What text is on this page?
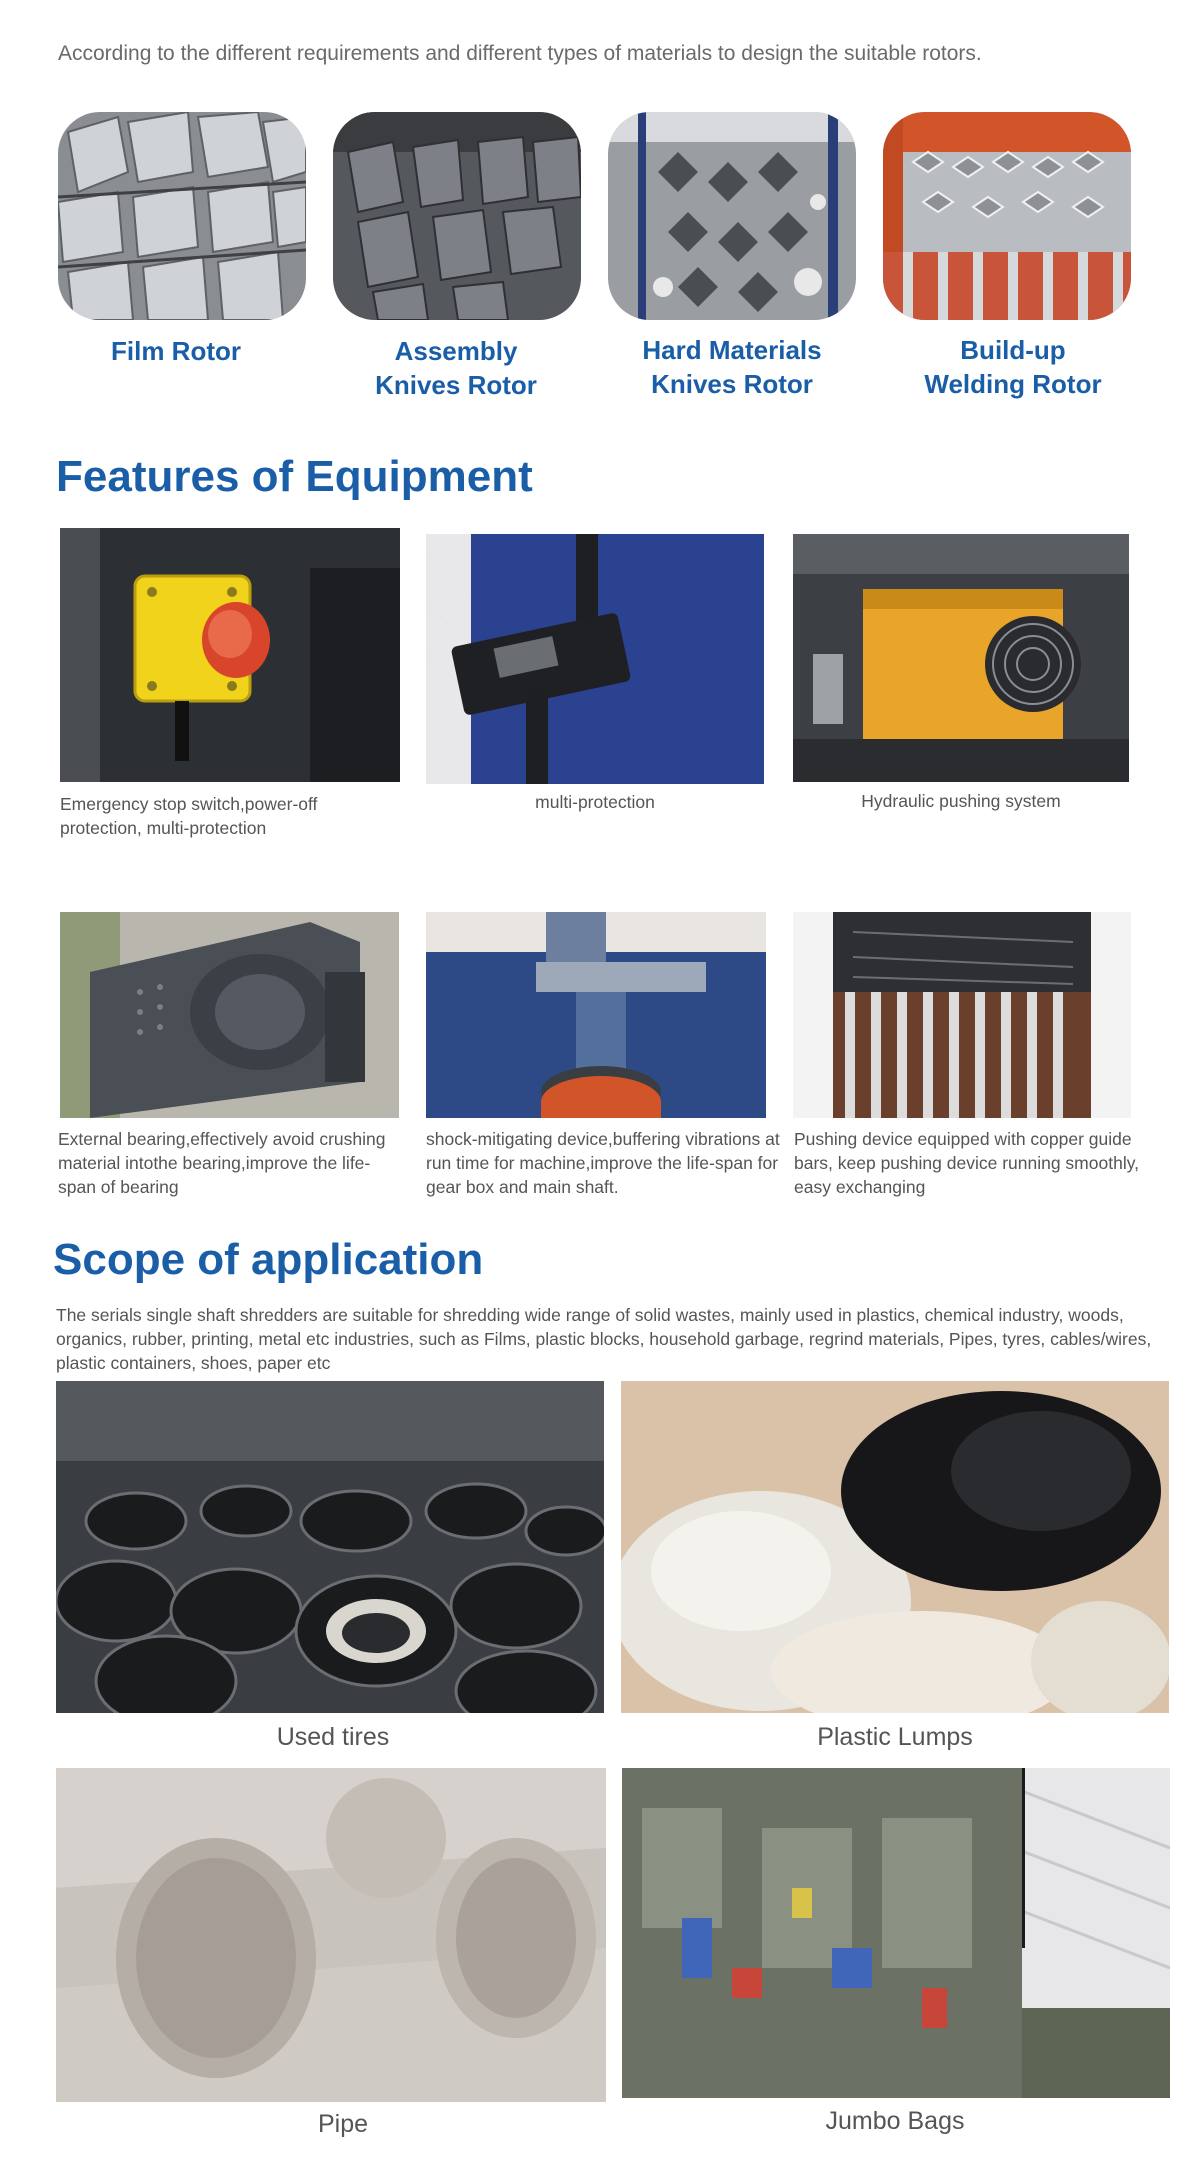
According to the different requirements and different types of materials to design the suitable rotors.
Film Rotor	Assembly
Knives Rotor
Hard Materials
Knives Rotor
Build-up
Welding Rotor
Features of Equipment
Emergency stop switch,power-off protection, multi-protection
multi-protection	Hydraulic pushing system
External bearing,effectively avoid crushing material intothe bearing,improve the life-span of bearing
shock-mitigating device,buffering vibrations at run time for machine,improve the life-span for gear box and main shaft.
Pushing device equipped with copper guide bars, keep pushing device running smoothly, easy exchanging
Scope of application
The serials single shaft shredders are suitable for shredding wide range of solid wastes, mainly used in plastics, chemical industry, woods, organics, rubber, printing, metal etc industries, such as Films, plastic blocks, household garbage, regrind materials, Pipes, tyres, cables/wires, plastic containers, shoes, paper etc
Used tires	Plastic Lumps
Pipe	Jumbo Bags
